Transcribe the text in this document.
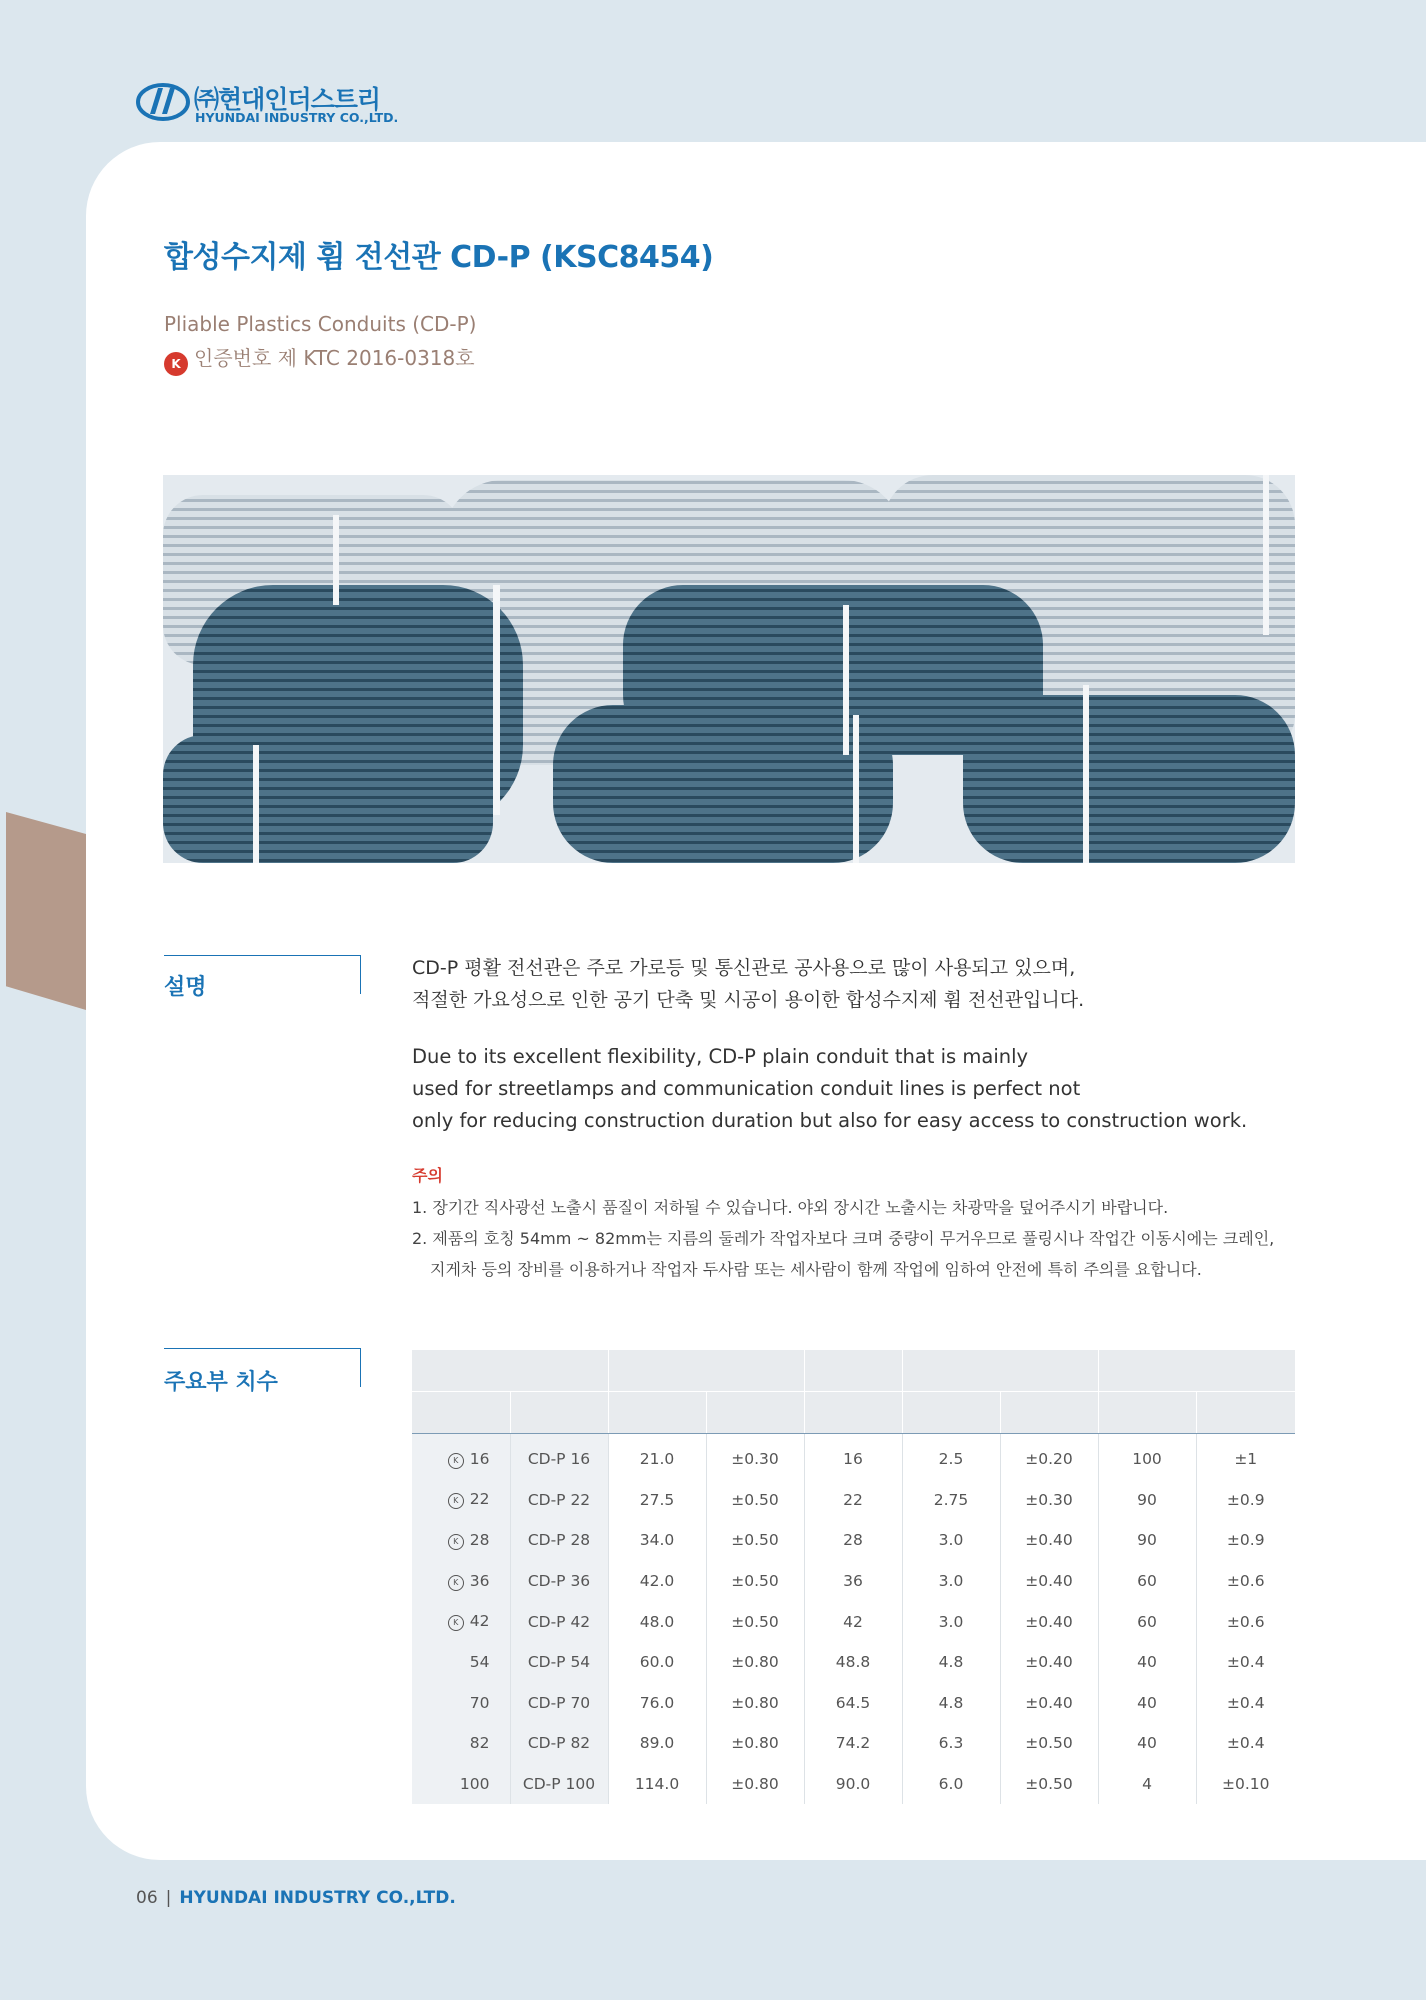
㈜현대인더스트리
HYUNDAI INDUSTRY CO.,LTD.
합성수지제 휨 전선관 CD-P (KSC8454)
Pliable Plastics Conduits (CD-P)
K 인증번호 제 KTC 2016-0318호
설명
CD-P 평활 전선관은 주로 가로등 및 통신관로 공사용으로 많이 사용되고 있으며,
적절한 가요성으로 인한 공기 단축 및 시공이 용이한 합성수지제 휨 전선관입니다.
Due to its excellent flexibility, CD-P plain conduit that is mainly
used for streetlamps and communication conduit lines is perfect not
only for reducing construction duration but also for easy access to construction work.
주의
1. 장기간 직사광선 노출시 품질이 저하될 수 있습니다. 야외 장시간 노출시는 차광막을 덮어주시기 바랍니다.
2. 제품의 호칭 54mm ~ 82mm는 지름의 둘레가 작업자보다 크며 중량이 무거우므로 풀링시나 작업간 이동시에는 크레인,
지게차 등의 장비를 이용하거나 작업자 두사람 또는 세사람이 함께 작업에 임하여 안전에 특히 주의를 요합니다.
주요부 치수

K 16	CD-P 16	21.0	±0.30	16	2.5	±0.20	100	±1
K 22	CD-P 22	27.5	±0.50	22	2.75	±0.30	90	±0.9
K 28	CD-P 28	34.0	±0.50	28	3.0	±0.40	90	±0.9
K 36	CD-P 36	42.0	±0.50	36	3.0	±0.40	60	±0.6
K 42	CD-P 42	48.0	±0.50	42	3.0	±0.40	60	±0.6
54	CD-P 54	60.0	±0.80	48.8	4.8	±0.40	40	±0.4
70	CD-P 70	76.0	±0.80	64.5	4.8	±0.40	40	±0.4
82	CD-P 82	89.0	±0.80	74.2	6.3	±0.50	40	±0.4
100	CD-P 100	114.0	±0.80	90.0	6.0	±0.50	4	±0.10
06 | HYUNDAI INDUSTRY CO.,LTD.
